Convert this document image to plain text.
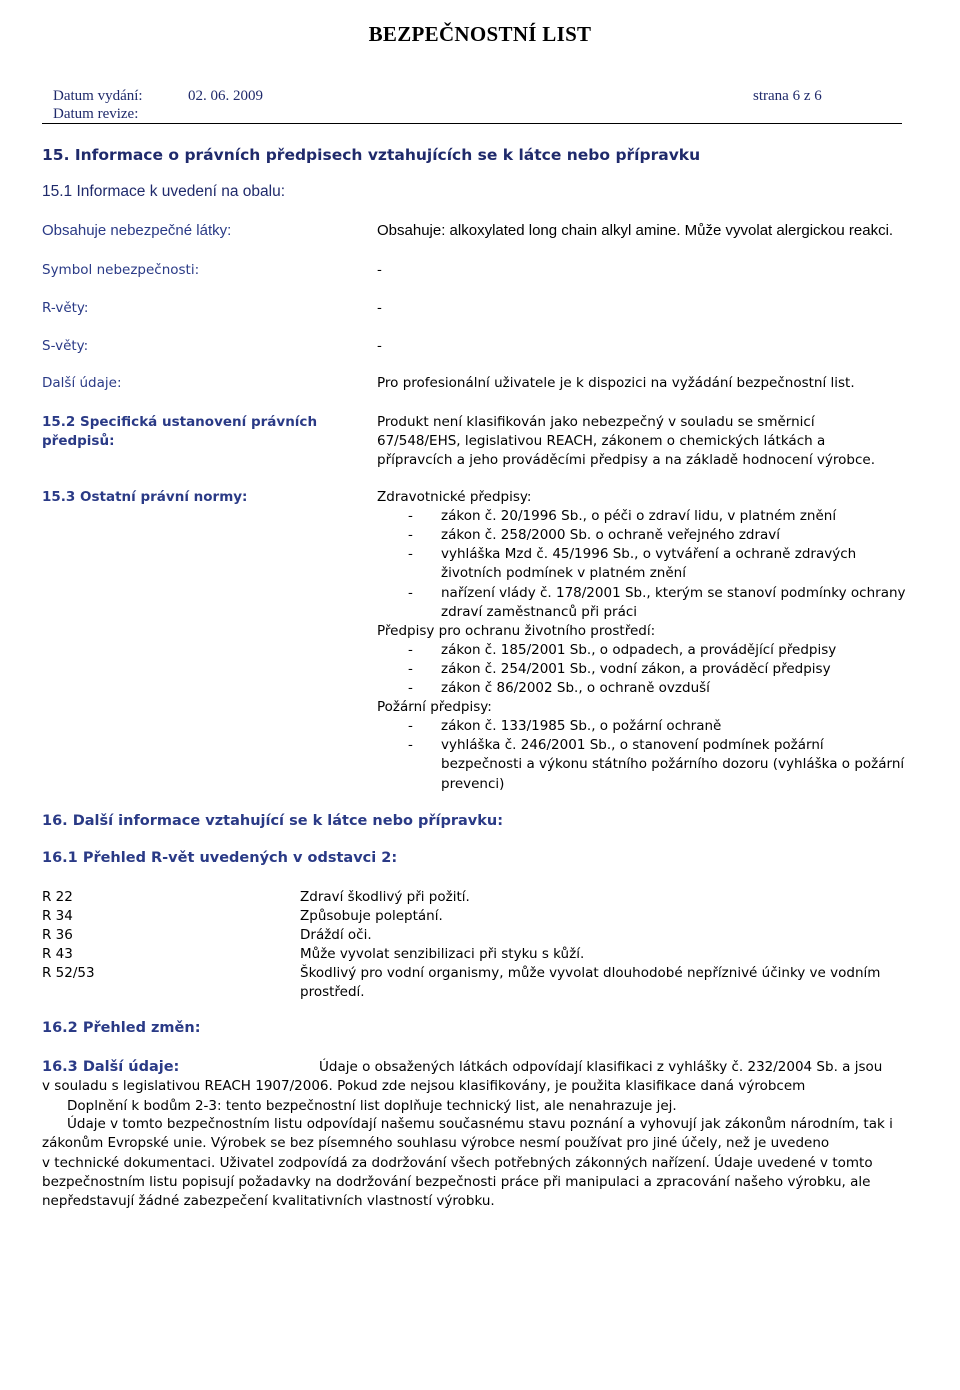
BEZPEČNOSTNÍ LIST
Datum vydání:	02. 06. 2009	strana 6 z 6
Datum revize:
15. Informace o právních předpisech vztahujících se k látce nebo přípravku
15.1 Informace k uvedení na obalu:
Obsahuje nebezpečné látky:	Obsahuje: alkoxylated long chain alkyl amine. Může vyvolat alergickou reakci.
Symbol nebezpečnosti:	-
R-věty:	-
S-věty:	-
Další údaje:	Pro profesionální uživatele je k dispozici na vyžádání bezpečnostní list.
15.2 Specifická ustanovení právních
předpisů:
Produkt není klasifikován jako nebezpečný v souladu se směrnicí
67/548/EHS, legislativou REACH, zákonem o chemických látkách a
přípravcích a jeho prováděcími předpisy a na základě hodnocení výrobce.
15.3 Ostatní právní normy:	Zdravotnické předpisy:
- zákon č. 20/1996 Sb., o péči o zdraví lidu, v platném znění
- zákon č. 258/2000 Sb. o ochraně veřejného zdraví
- vyhláška Mzd č. 45/1996 Sb., o vytváření a ochraně zdravých
životních podmínek v platném znění
- nařízení vlády č. 178/2001 Sb., kterým se stanoví podmínky ochrany
zdraví zaměstnanců při práci
Předpisy pro ochranu životního prostředí:
- zákon č. 185/2001 Sb., o odpadech, a provádějící předpisy
- zákon č. 254/2001 Sb., vodní zákon, a prováděcí předpisy
- zákon č 86/2002 Sb., o ochraně ovzduší
Požární předpisy:
- zákon č. 133/1985 Sb., o požární ochraně
- vyhláška č. 246/2001 Sb., o stanovení podmínek požární
bezpečnosti a výkonu státního požárního dozoru (vyhláška o požární
prevenci)
16. Další informace vztahující se k látce nebo přípravku:
16.1 Přehled R-vět uvedených v odstavci 2:
R 22	Zdraví škodlivý při požití.
R 34	Způsobuje poleptání.
R 36	Dráždí oči.
R 43	Může vyvolat senzibilizaci při styku s kůží.
R 52/53	Škodlivý pro vodní organismy, může vyvolat dlouhodobé nepříznivé účinky ve vodním
prostředí.
16.2 Přehled změn:
16.3 Další údaje:	Údaje o obsažených látkách odpovídají klasifikaci z vyhlášky č. 232/2004 Sb. a jsou
v souladu s legislativou REACH 1907/2006. Pokud zde nejsou klasifikovány, je použita klasifikace daná výrobcem
Doplnění k bodům 2-3: tento bezpečnostní list doplňuje technický list, ale nenahrazuje jej.
Údaje v tomto bezpečnostním listu odpovídají našemu současnému stavu poznání a vyhovují jak zákonům národním, tak i
zákonům Evropské unie. Výrobek se bez písemného souhlasu výrobce nesmí používat pro jiné účely, než je uvedeno
v technické dokumentaci. Uživatel zodpovídá za dodržování všech potřebných zákonných nařízení. Údaje uvedené v tomto
bezpečnostním listu popisují požadavky na dodržování bezpečnosti práce při manipulaci a zpracování našeho výrobku, ale
nepředstavují žádné zabezpečení kvalitativních vlastností výrobku.
